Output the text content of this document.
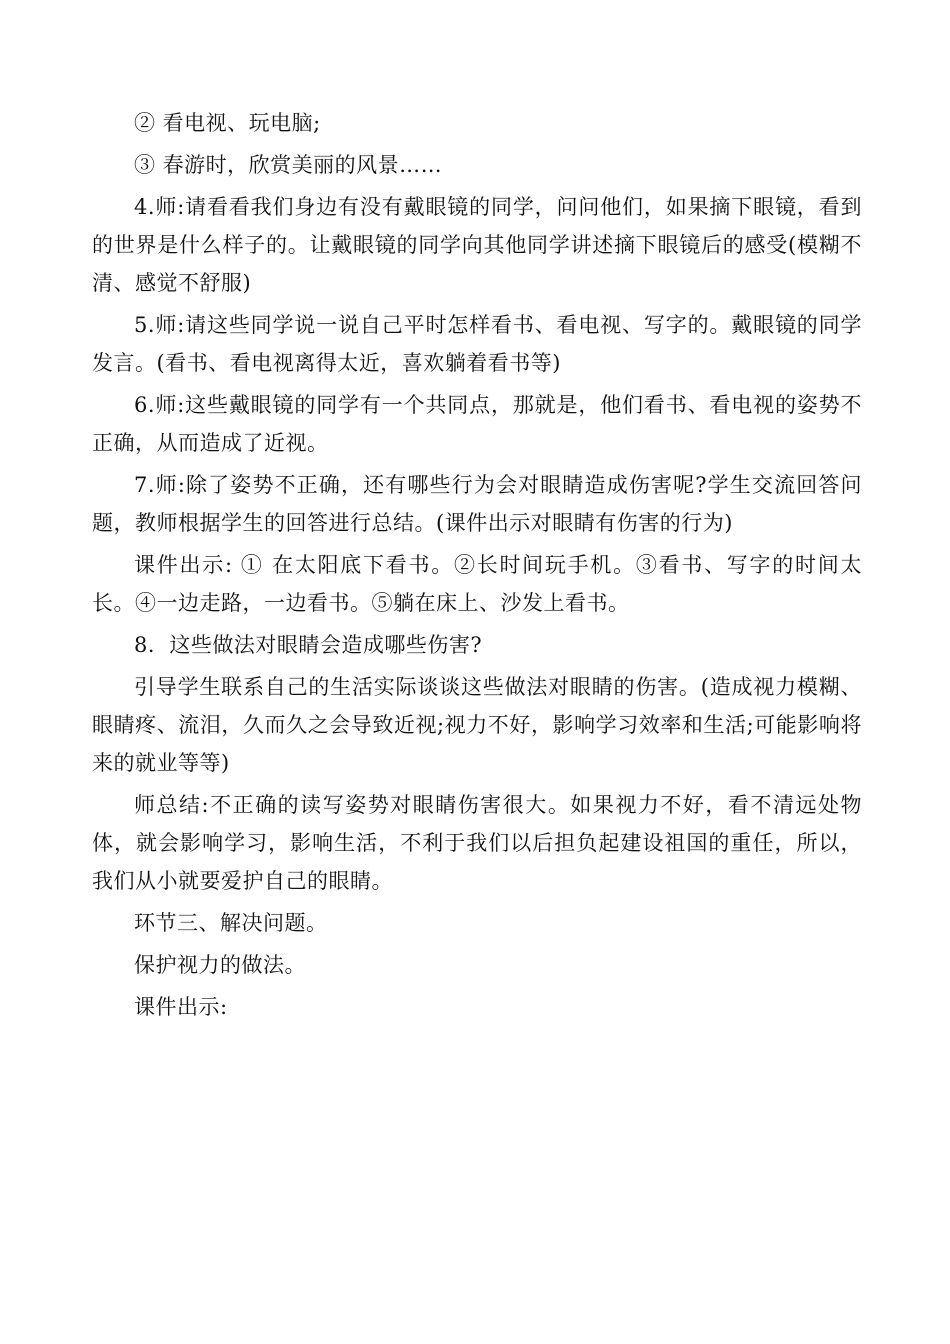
② 看电视、玩电脑;

③ 春游时，欣赏美丽的风景……

4.师:请看看我们身边有没有戴眼镜的同学，问问他们，如果摘下眼镜，看到的世界是什么样子的。让戴眼镜的同学向其他同学讲述摘下眼镜后的感受(模糊不清、感觉不舒服)

5.师:请这些同学说一说自己平时怎样看书、看电视、写字的。戴眼镜的同学发言。(看书、看电视离得太近，喜欢躺着看书等)

6.师:这些戴眼镜的同学有一个共同点，那就是，他们看书、看电视的姿势不正确，从而造成了近视。

7.师:除了姿势不正确，还有哪些行为会对眼睛造成伤害呢?学生交流回答问题，教师根据学生的回答进行总结。(课件出示对眼睛有伤害的行为)

课件出示: ① 在太阳底下看书。②长时间玩手机。③看书、写字的时间太长。④一边走路，一边看书。⑤躺在床上、沙发上看书。

8．这些做法对眼睛会造成哪些伤害?

引导学生联系自己的生活实际谈谈这些做法对眼睛的伤害。(造成视力模糊、眼睛疼、流泪，久而久之会导致近视;视力不好，影响学习效率和生活;可能影响将来的就业等等)

师总结:不正确的读写姿势对眼睛伤害很大。如果视力不好，看不清远处物体，就会影响学习，影响生活，不利于我们以后担负起建设祖国的重任，所以，我们从小就要爱护自己的眼睛。

环节三、解决问题。

保护视力的做法。

课件出示:
